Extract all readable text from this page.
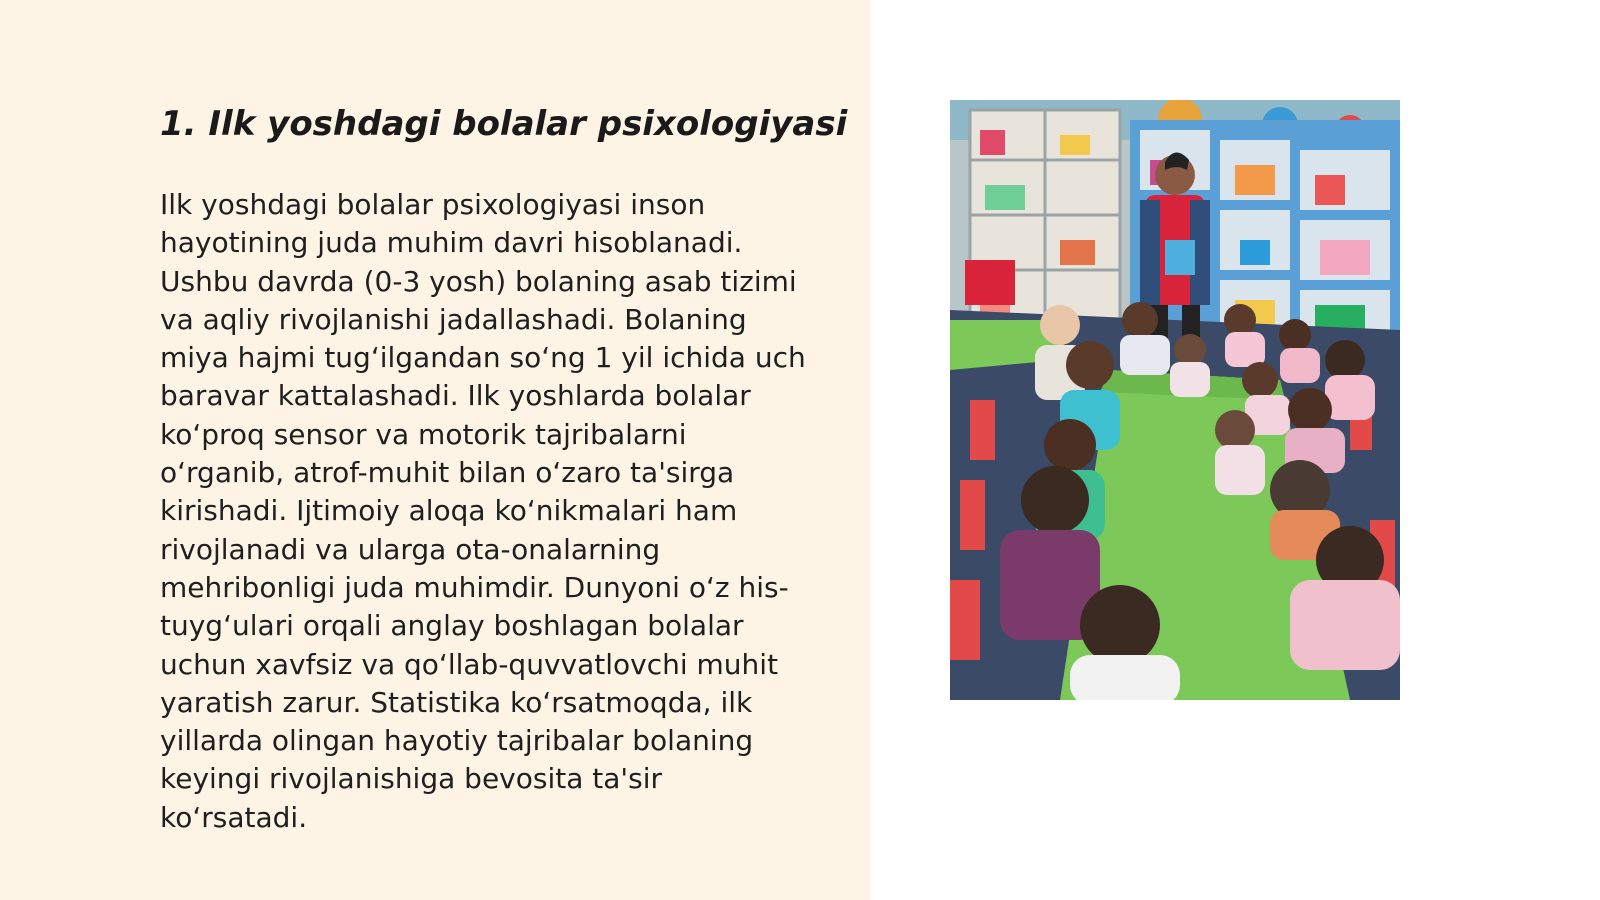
1. Ilk yoshdagi bolalar psixologiyasi

Ilk yoshdagi bolalar psixologiyasi inson
hayotining juda muhim davri hisoblanadi.
Ushbu davrda (0-3 yosh) bolaning asab tizimi
va aqliy rivojlanishi jadallashadi. Bolaning
miya hajmi tug‘ilgandan so‘ng 1 yil ichida uch
baravar kattalashadi. Ilk yoshlarda bolalar
ko‘proq sensor va motorik tajribalarni
o‘rganib, atrof-muhit bilan o‘zaro ta'sirga
kirishadi. Ijtimoiy aloqa ko‘nikmalari ham
rivojlanadi va ularga ota-onalarning
mehribonligi juda muhimdir. Dunyoni o‘z his-
tuyg‘ulari orqali anglay boshlagan bolalar
uchun xavfsiz va qo‘llab-quvvatlovchi muhit
yaratish zarur. Statistika ko‘rsatmoqda, ilk
yillarda olingan hayotiy tajribalar bolaning
keyingi rivojlanishiga bevosita ta'sir
ko‘rsatadi.
